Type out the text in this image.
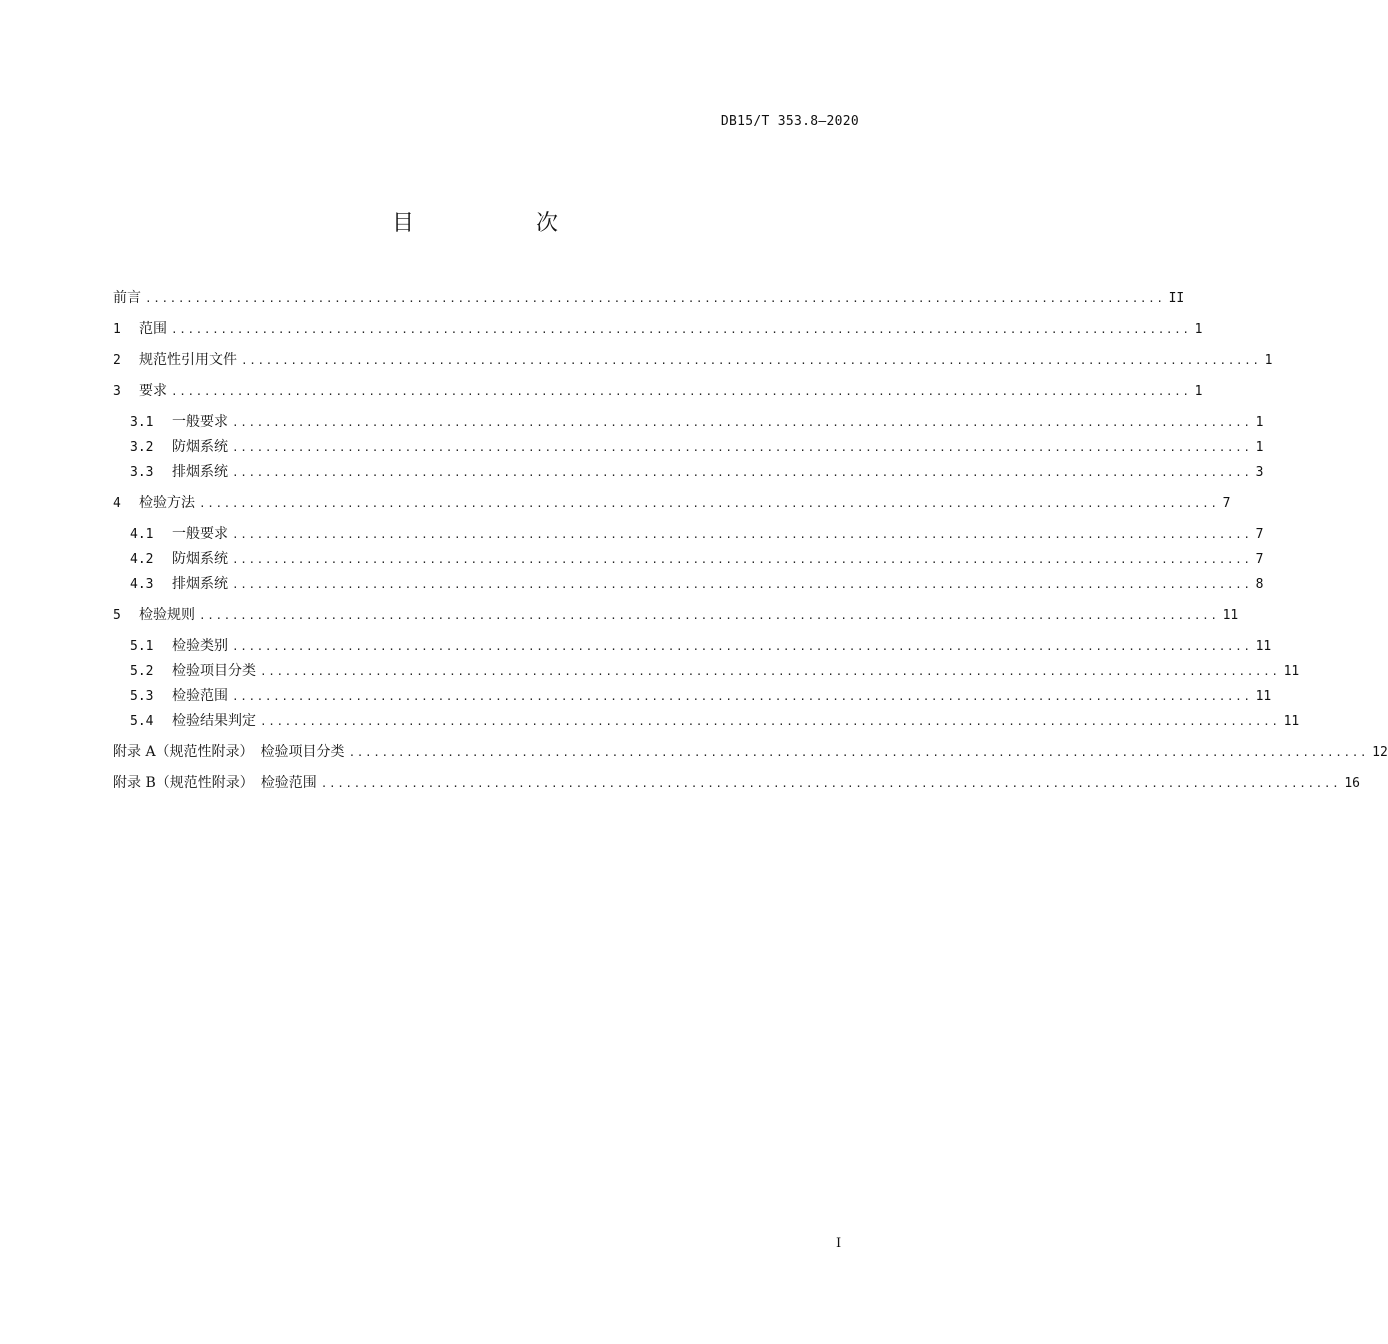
DB15/T 353.8—2020
目　次
前言 ............................................................................................................................ II
1	范围 ............................................................................................................................ 1
2	规范性引用文件 ............................................................................................................................ 1
3	要求 ............................................................................................................................ 1
3.1	一般要求 ............................................................................................................................ 1
3.2	防烟系统 ............................................................................................................................ 1
3.3	排烟系统 ............................................................................................................................ 3
4	检验方法 ............................................................................................................................ 7
4.1	一般要求 ............................................................................................................................ 7
4.2	防烟系统 ............................................................................................................................ 7
4.3	排烟系统 ............................................................................................................................ 8
5	检验规则 ............................................................................................................................ 11
5.1	检验类别 ............................................................................................................................ 11
5.2	检验项目分类 ............................................................................................................................ 11
5.3	检验范围 ............................................................................................................................ 11
5.4	检验结果判定 ............................................................................................................................ 11
附录 A（规范性附录）　检验项目分类 ............................................................................................................................ 12
附录 B（规范性附录）　检验范围 ............................................................................................................................ 16
I
